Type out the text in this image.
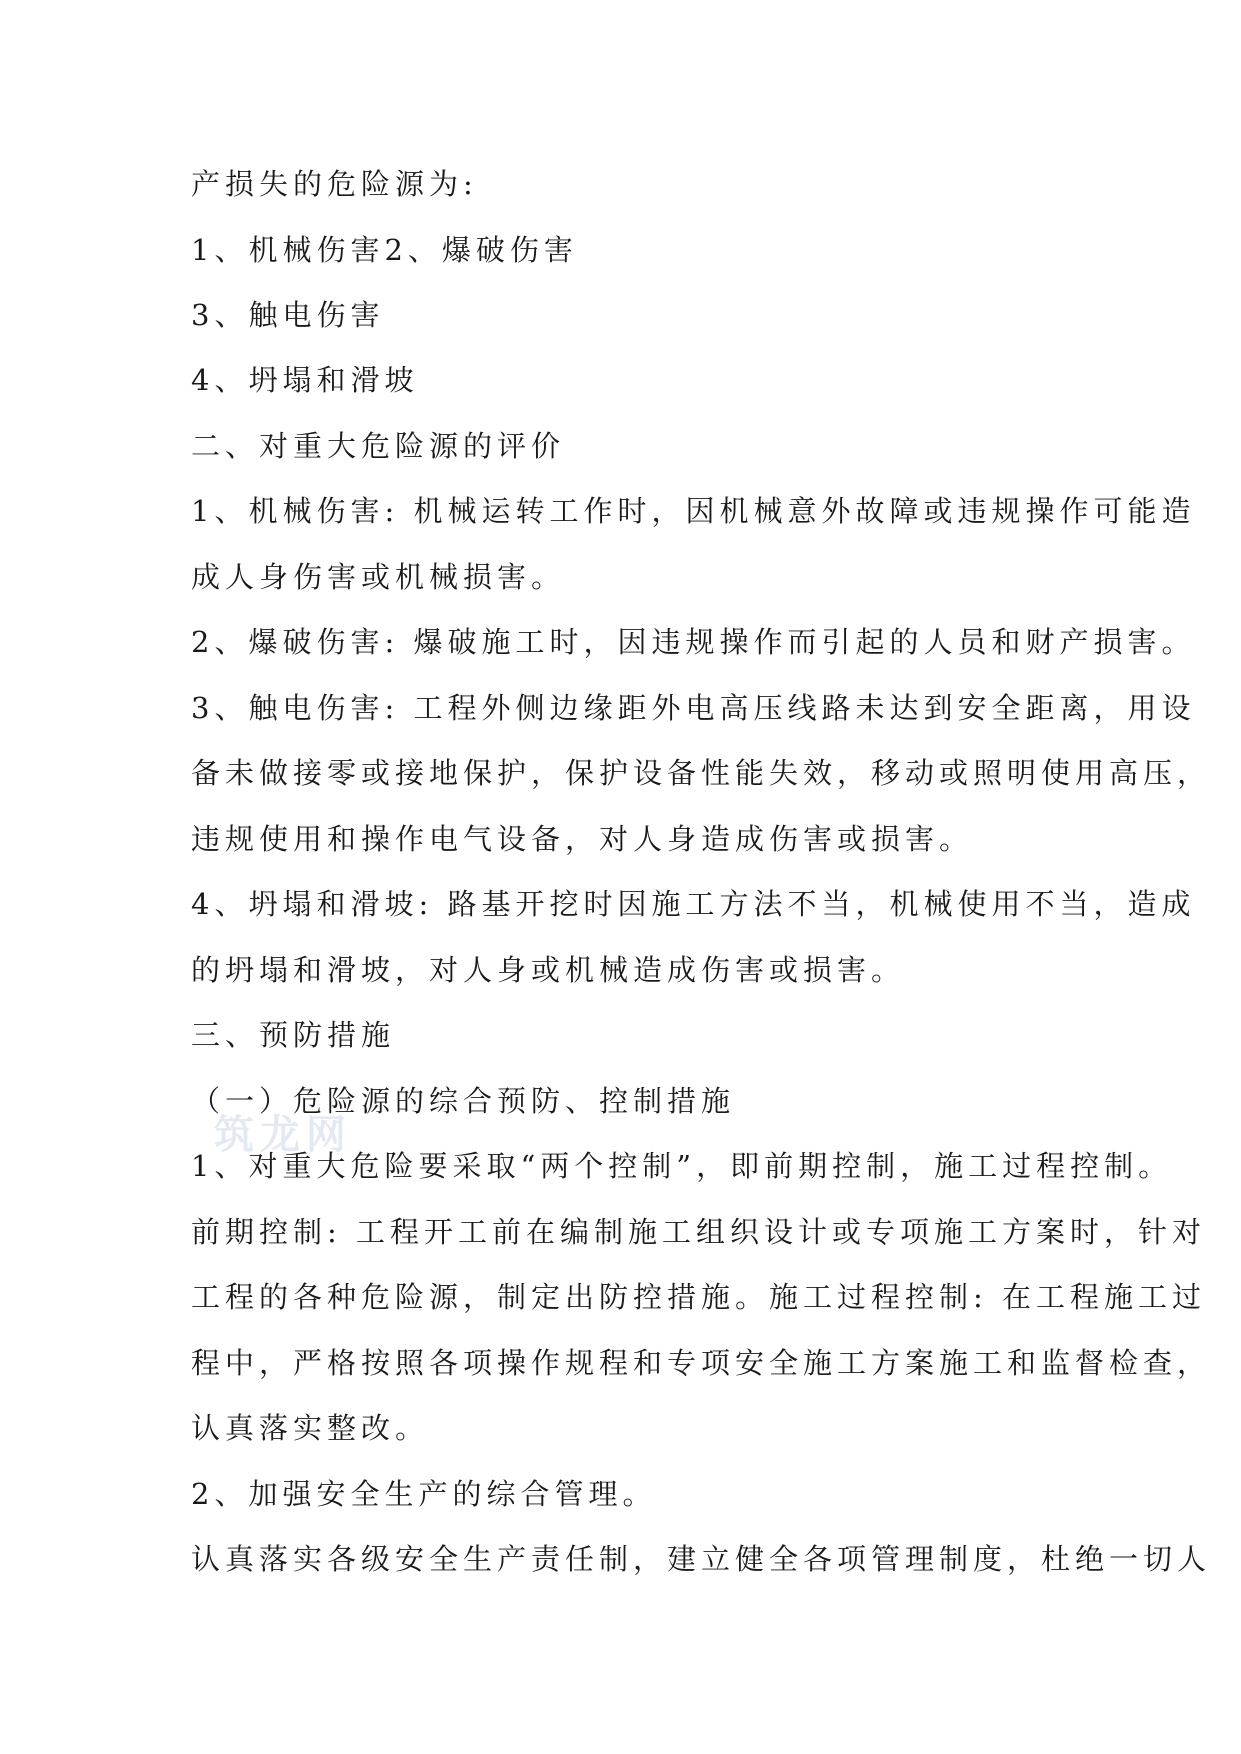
筑龙网
产损失的危险源为:
1、机械伤害2、爆破伤害
3、触电伤害
4、坍塌和滑坡
二、对重大危险源的评价
1、机械伤害: 机械运转工作时，因机械意外故障或违规操作可能造
成人身伤害或机械损害。
2、爆破伤害: 爆破施工时，因违规操作而引起的人员和财产损害。
3、触电伤害: 工程外侧边缘距外电高压线路未达到安全距离，用设
备未做接零或接地保护，保护设备性能失效，移动或照明使用高压，
违规使用和操作电气设备，对人身造成伤害或损害。
4、坍塌和滑坡: 路基开挖时因施工方法不当，机械使用不当，造成
的坍塌和滑坡，对人身或机械造成伤害或损害。
三、预防措施
（一）危险源的综合预防、控制措施
1、对重大危险要采取“两个控制”，即前期控制，施工过程控制。
前期控制: 工程开工前在编制施工组织设计或专项施工方案时，针对
工程的各种危险源，制定出防控措施。施工过程控制: 在工程施工过
程中，严格按照各项操作规程和专项安全施工方案施工和监督检查，
认真落实整改。
2、加强安全生产的综合管理。
认真落实各级安全生产责任制，建立健全各项管理制度，杜绝一切人
